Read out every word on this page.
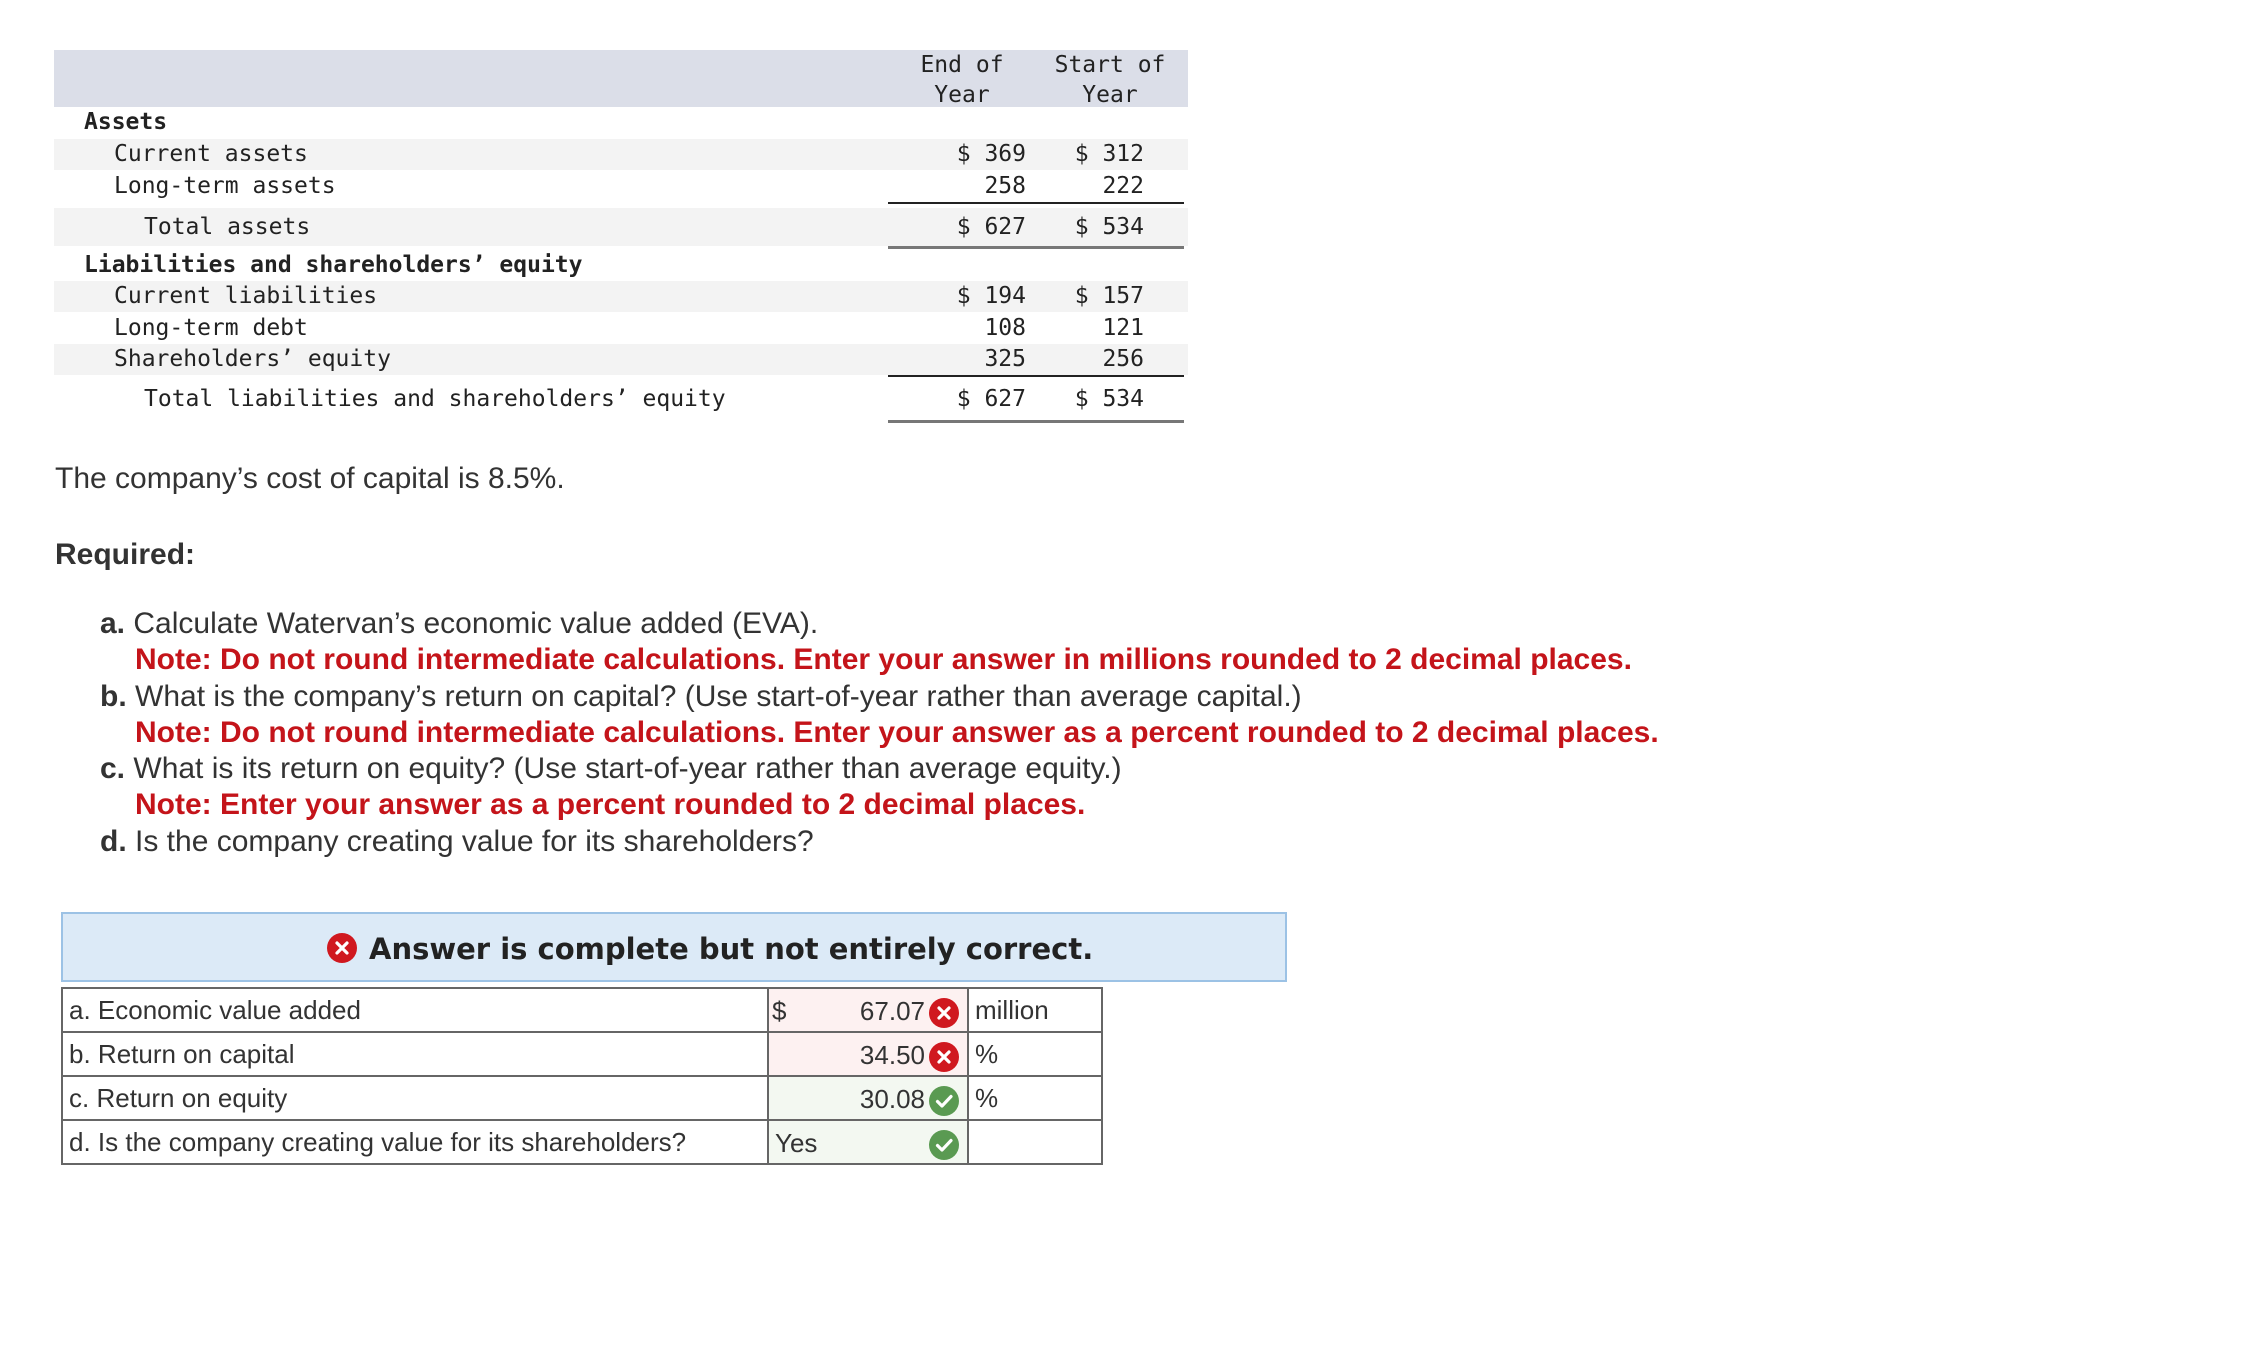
End of
Year
Start of
Year
Assets
Current assets	$ 369	$ 312
Long-term assets	258	222
Total assets	$ 627	$ 534
Liabilities and shareholders’ equity
Current liabilities	$ 194	$ 157
Long-term debt	108	121
Shareholders’ equity	325	256
Total liabilities and shareholders’ equity	$ 627	$ 534
The company’s cost of capital is 8.5%.
Required:
a. Calculate Watervan’s economic value added (EVA).
Note: Do not round intermediate calculations. Enter your answer in millions rounded to 2 decimal places.
b. What is the company’s return on capital? (Use start-of-year rather than average capital.)
Note: Do not round intermediate calculations. Enter your answer as a percent rounded to 2 decimal places.
c. What is its return on equity? (Use start-of-year rather than average equity.)
Note: Enter your answer as a percent rounded to 2 decimal places.
d. Is the company creating value for its shareholders?
Answer is complete but not entirely correct.
a. Economic value added	$ 67.07	million
b. Return on capital	34.50	%
c. Return on equity	30.08	%
d. Is the company creating value for its shareholders?	Yes	
